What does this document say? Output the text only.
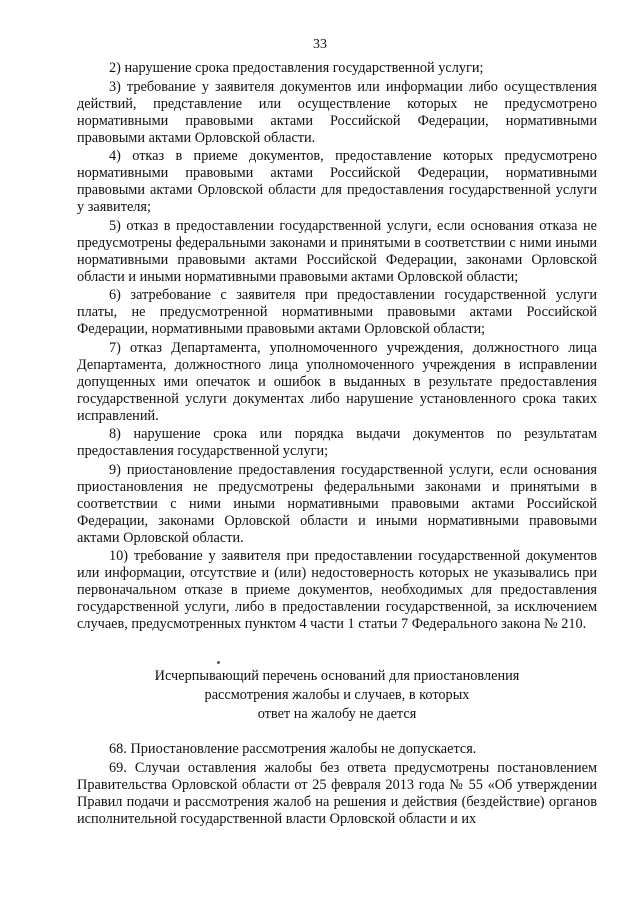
33

2) нарушение срока предоставления государственной услуги;

3) требование у заявителя документов или информации либо осуществления действий, представление или осуществление которых не предусмотрено нормативными правовыми актами Российской Федерации, нормативными правовыми актами Орловской области.

4) отказ в приеме документов, предоставление которых предусмотрено нормативными правовыми актами Российской Федерации, нормативными правовыми актами Орловской области для предоставления государственной услуги у заявителя;

5) отказ в предоставлении государственной услуги, если основания отказа не предусмотрены федеральными законами и принятыми в соответствии с ними иными нормативными правовыми актами Российской Федерации, законами Орловской области и иными нормативными правовыми актами Орловской области;

6) затребование с заявителя при предоставлении государственной услуги платы, не предусмотренной нормативными правовыми актами Российской Федерации, нормативными правовыми актами Орловской области;

7) отказ Департамента, уполномоченного учреждения, должностного лица Департамента, должностного лица уполномоченного учреждения в исправлении допущенных ими опечаток и ошибок в выданных в результате предоставления государственной услуги документах либо нарушение установленного срока таких исправлений.

8) нарушение срока или порядка выдачи документов по результатам предоставления государственной услуги;

9) приостановление предоставления государственной услуги, если основания приостановления не предусмотрены федеральными законами и принятыми в соответствии с ними иными нормативными правовыми актами Российской Федерации, законами Орловской области и иными нормативными правовыми актами Орловской области.

10) требование у заявителя при предоставлении государственной документов или информации, отсутствие и (или) недостоверность которых не указывались при первоначальном отказе в приеме документов, необходимых для предоставления государственной услуги, либо в предоставлении государственной, за исключением случаев, предусмотренных пунктом 4 части 1 статьи 7 Федерального закона № 210.

Исчерпывающий перечень оснований для приостановления
рассмотрения жалобы и случаев, в которых
ответ на жалобу не дается

68. Приостановление рассмотрения жалобы не допускается.

69. Случаи оставления жалобы без ответа предусмотрены постановлением Правительства Орловской области от 25 февраля 2013 года № 55 «Об утверждении Правил подачи и рассмотрения жалоб на решения и действия (бездействие) органов исполнительной государственной власти Орловской области и их
